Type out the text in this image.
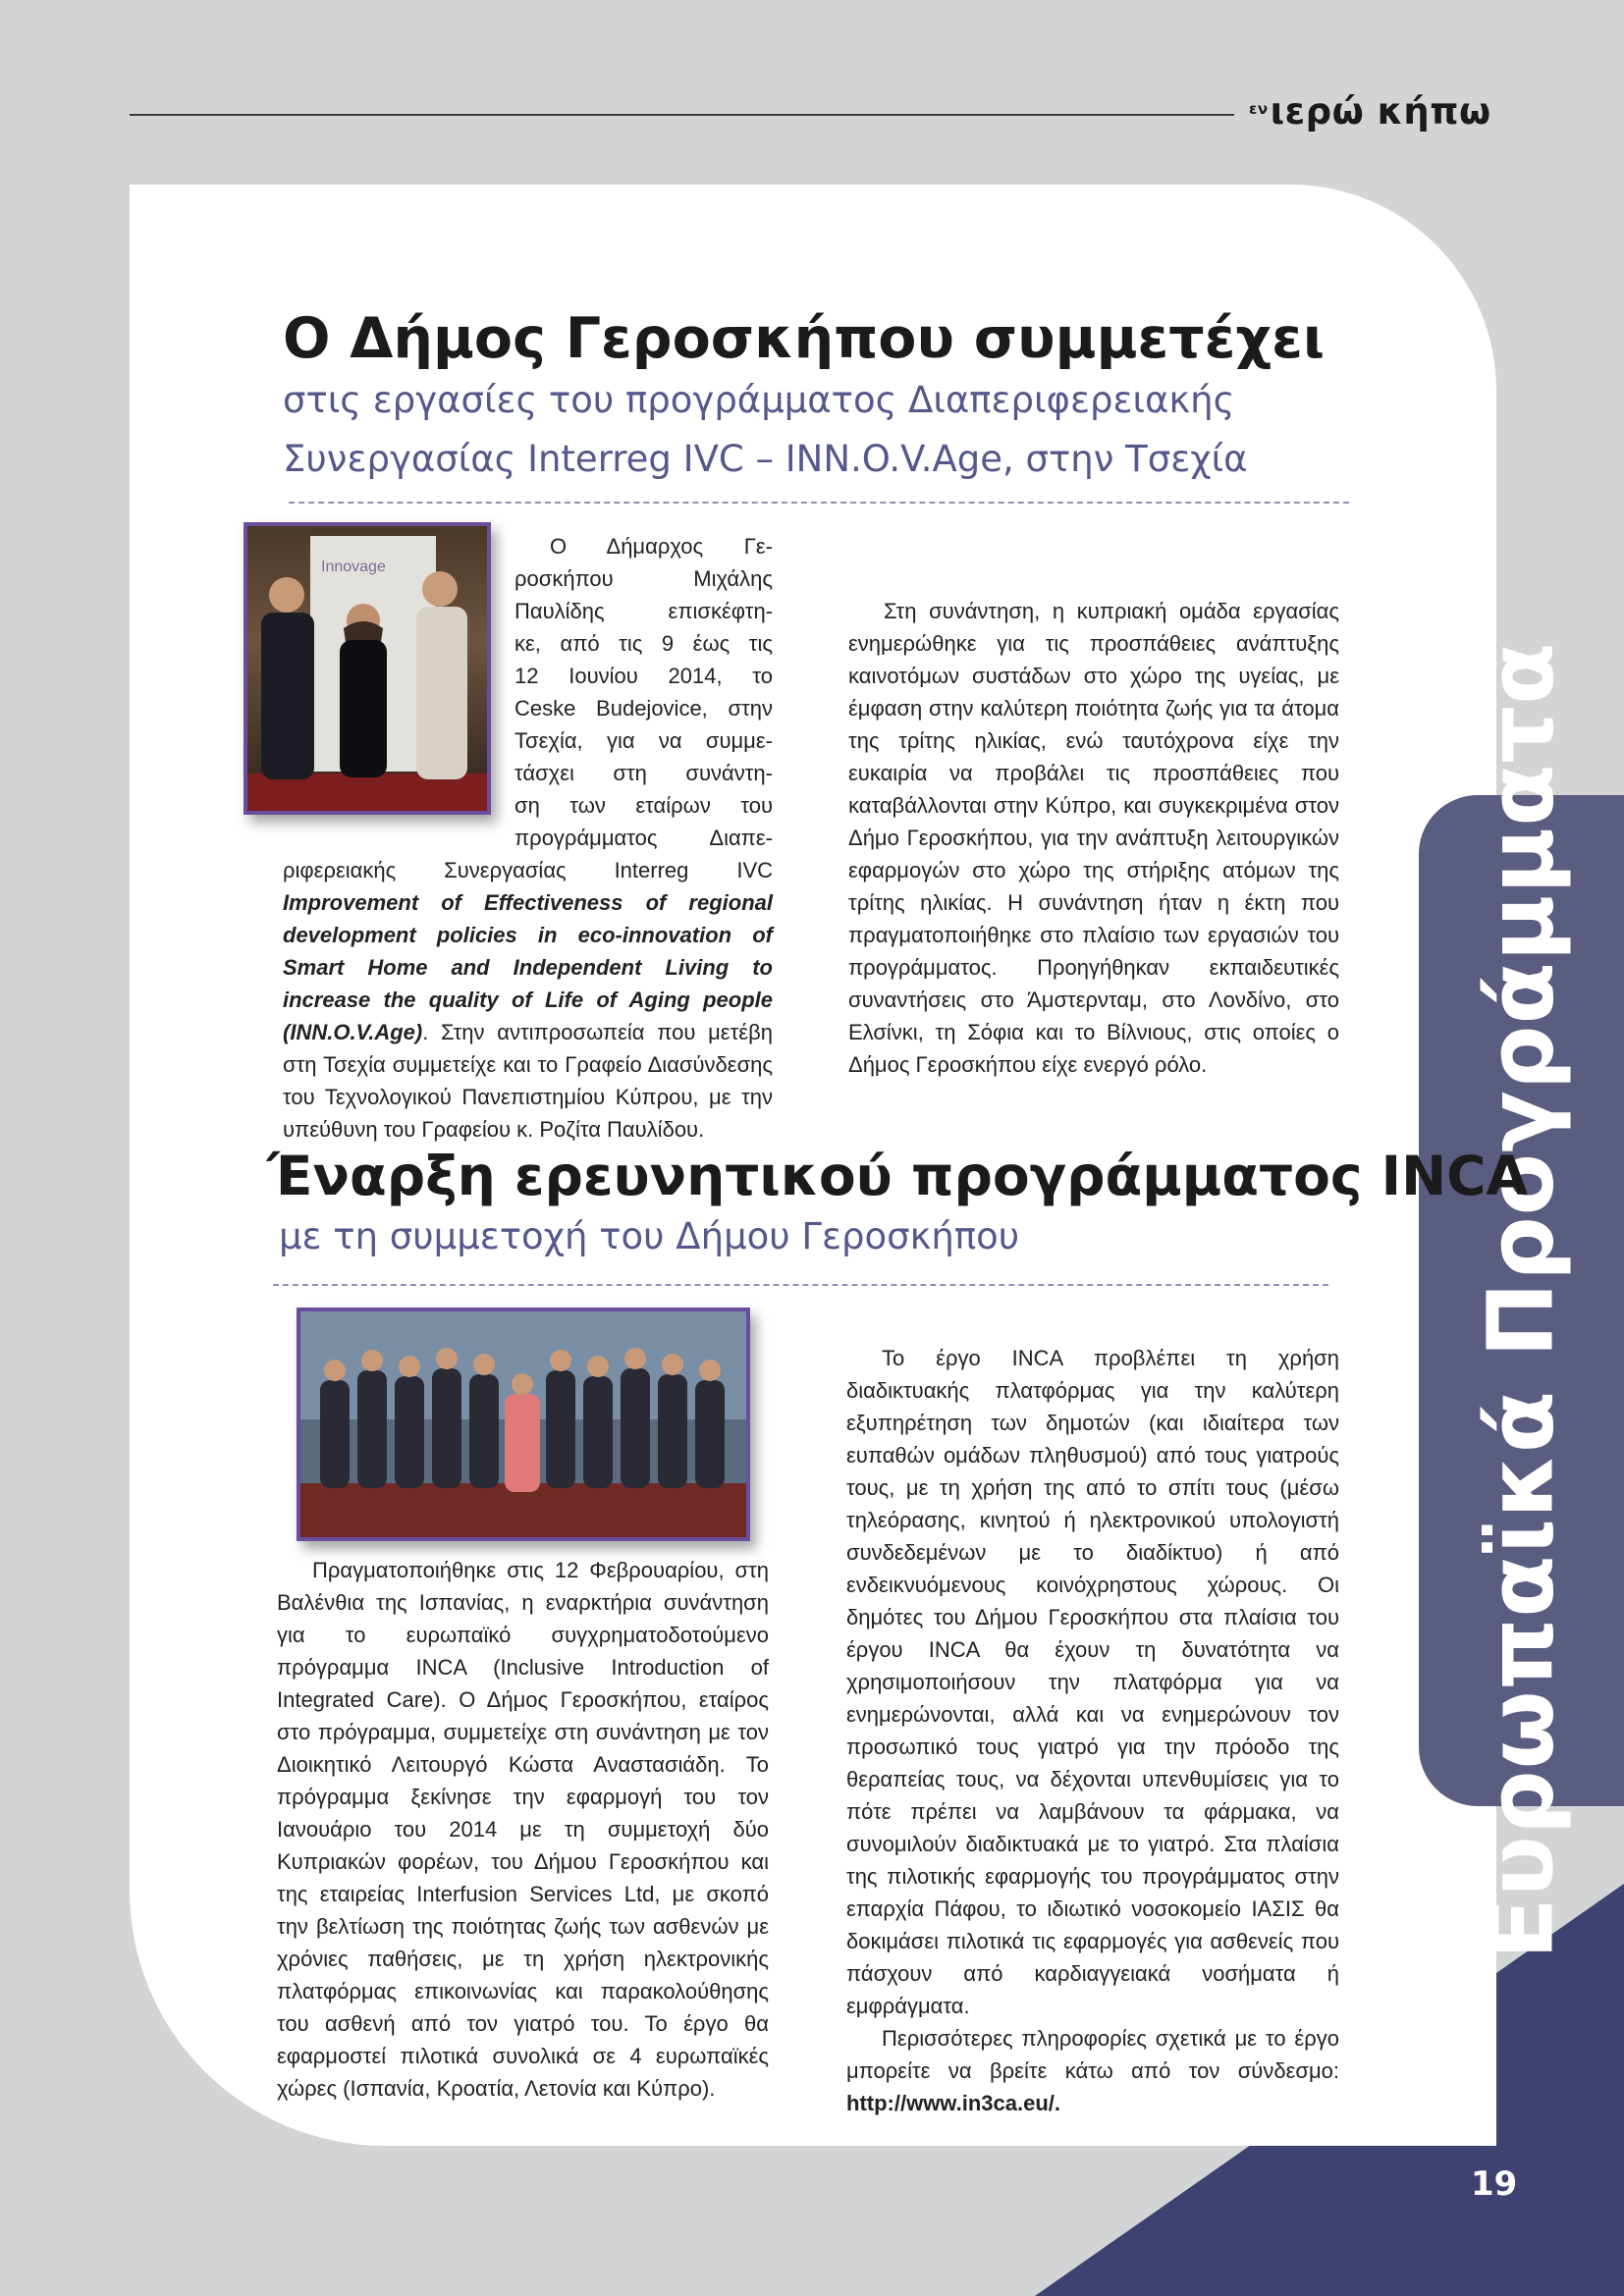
$^{\varepsilon\nu}$ιερώ κήπω
Ευρωπαϊκά Προγράμματα
Ο Δήμος Γεροσκήπου συμμετέχει
στις εργασίες του προγράμματος Διαπεριφερειακής
Συνεργασίας Interreg IVC – INN.O.V.Age, στην Τσεχία
Innovage
Ο Δήμαρχος Γε-
ροσκήπου Μιχάλης
Παυλίδης επισκέφτη-
κε, από τις 9 έως τις
12 Ιουνίου 2014, το
Ceske Budejovice, στην
Τσεχία, για να συμμε-
τάσχει στη συνάντη-
ση των εταίρων του
προγράμματος Διαπε-

ριφερειακής Συνεργασίας Interreg IVC Improvement of Effectiveness of regional development policies in eco-innovation of Smart Home and Independent Living to increase the quality of Life of Aging people (INN.O.V.Age). Στην αντιπροσωπεία που μετέβη στη Τσεχία συμμετείχε και το Γραφείο Διασύνδεσης του Τεχνολογικού Πανεπιστημίου Κύπρου, με την υπεύθυνη του Γραφείου κ. Ροζίτα Παυλίδου.

Στη συνάντηση, η κυπριακή ομάδα εργασίας ενημερώθηκε για τις προσπάθειες ανάπτυξης καινοτόμων συστάδων στο χώρο της υγείας, με έμφαση στην καλύτερη ποιότητα ζωής για τα άτομα της τρίτης ηλικίας, ενώ ταυτόχρονα είχε την ευκαιρία να προβάλει τις προσπάθειες που καταβάλλονται στην Κύπρο, και συγκεκριμένα στον Δήμο Γεροσκήπου, για την ανάπτυξη λειτουργικών εφαρμογών στο χώρο της στήριξης ατόμων της τρίτης ηλικίας. Η συνάντηση ήταν η έκτη που πραγματοποιήθηκε στο πλαίσιο των εργασιών του προγράμματος. Προηγήθηκαν εκπαιδευτικές συναντήσεις στο Άμστερνταμ, στο Λονδίνο, στο Ελσίνκι, τη Σόφια και το Βίλνιους, στις οποίες ο Δήμος Γεροσκήπου είχε ενεργό ρόλο.

Έναρξη ερευνητικού προγράμματος INCA
με τη συμμετοχή του Δήμου Γεροσκήπου

Πραγματοποιήθηκε στις 12 Φεβρουαρίου, στη Βαλένθια της Ισπανίας, η εναρκτήρια συνάντηση για το ευρωπαϊκό συγχρηματοδοτούμενο πρόγραμμα INCA (Inclusive Introduction of Integrated Care). Ο Δήμος Γεροσκήπου, εταίρος στο πρόγραμμα, συμμετείχε στη συνάντηση με τον Διοικητικό Λειτουργό Κώστα Αναστασιάδη. Το πρόγραμμα ξεκίνησε την εφαρμογή του τον Ιανουάριο του 2014 με τη συμμετοχή δύο Κυπριακών φορέων, του Δήμου Γεροσκήπου και της εταιρείας Interfusion Services Ltd, με σκοπό την βελτίωση της ποιότητας ζωής των ασθενών με χρόνιες παθήσεις, με τη χρήση ηλεκτρονικής πλατφόρμας επικοινωνίας και παρακολούθησης του ασθενή από τον γιατρό του. Το έργο θα εφαρμοστεί πιλοτικά συνολικά σε 4 ευρωπαϊκές χώρες (Ισπανία, Κροατία, Λετονία και Κύπρο).

Το έργο INCA προβλέπει τη χρήση διαδικτυακής πλατφόρμας για την καλύτερη εξυπηρέτηση των δημοτών (και ιδιαίτερα των ευπαθών ομάδων πληθυσμού) από τους γιατρούς τους, με τη χρήση της από το σπίτι τους (μέσω τηλεόρασης, κινητού ή ηλεκτρονικού υπολογιστή συνδεδεμένων με το διαδίκτυο) ή από ενδεικνυόμενους κοινόχρηστους χώρους. Οι δημότες του Δήμου Γεροσκήπου στα πλαίσια του έργου INCA θα έχουν τη δυνατότητα να χρησιμοποιήσουν την πλατφόρμα για να ενημερώνονται, αλλά και να ενημερώνουν τον προσωπικό τους γιατρό για την πρόοδο της θεραπείας τους, να δέχονται υπενθυμίσεις για το πότε πρέπει να λαμβάνουν τα φάρμακα, να συνομιλούν διαδικτυακά με το γιατρό. Στα πλαίσια της πιλοτικής εφαρμογής του προγράμματος στην επαρχία Πάφου, το ιδιωτικό νοσοκομείο ΙΑΣΙΣ θα δοκιμάσει πιλοτικά τις εφαρμογές για ασθενείς που πάσχουν από καρδιαγγειακά νοσήματα ή εμφράγματα.

Περισσότερες πληροφορίες σχετικά με το έργο μπορείτε να βρείτε κάτω από τον σύνδεσμο: http://www.in3ca.eu/.

19
